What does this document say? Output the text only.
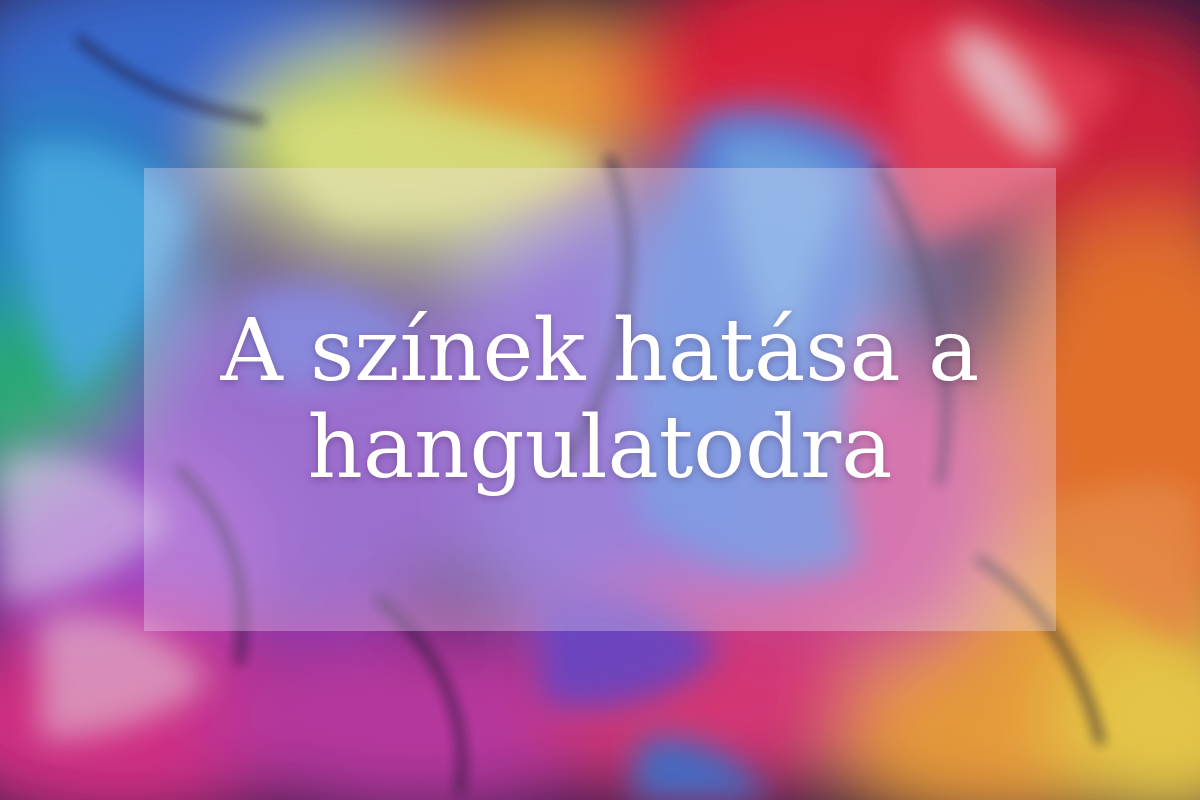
A színek hatása a hangulatodra
